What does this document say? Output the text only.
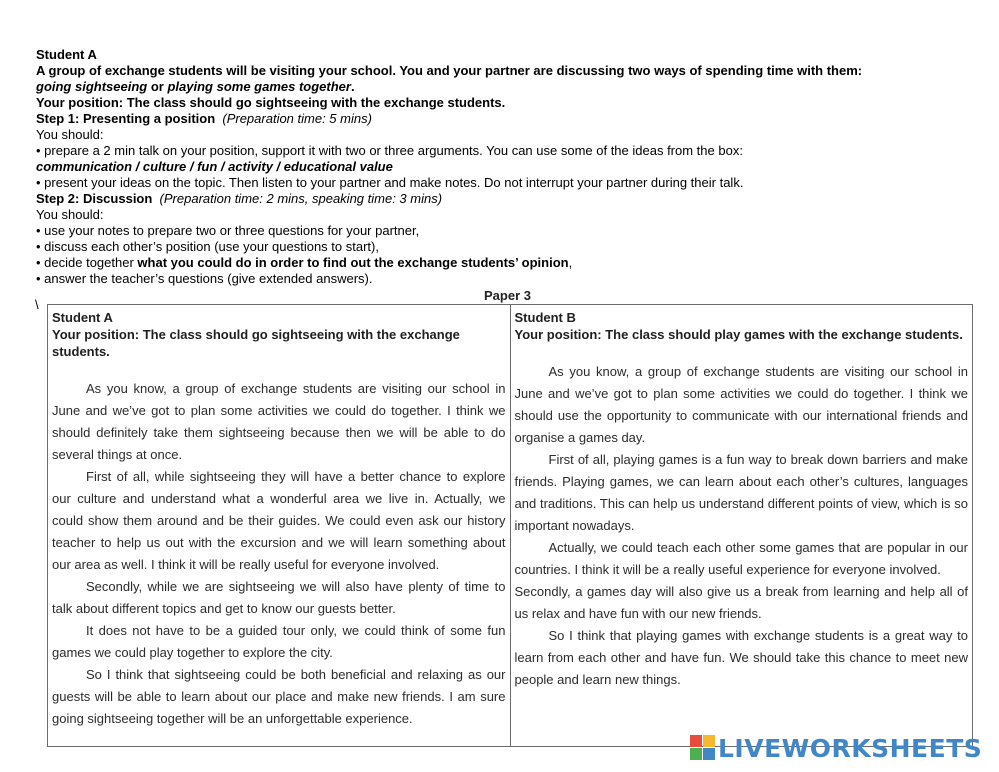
Student A

A group of exchange students will be visiting your school. You and your partner are discussing two ways of spending time with them:

going sightseeing or playing some games together.

Your position: The class should go sightseeing with the exchange students.

Step 1: Presenting a position (Preparation time: 5 mins)

You should:

• prepare a 2 min talk on your position, support it with two or three arguments. You can use some of the ideas from the box:

communication / culture / fun / activity / educational value

• present your ideas on the topic. Then listen to your partner and make notes. Do not interrupt your partner during their talk.

Step 2: Discussion (Preparation time: 2 mins, speaking time: 3 mins)

You should:

• use your notes to prepare two or three questions for your partner,

• discuss each other’s position (use your questions to start),

• decide together what you could do in order to find out the exchange students’ opinion,

• answer the teacher’s questions (give extended answers).

\
Paper 3
Student A
Your position: The class should go sightseeing with the exchange students.

As you know, a group of exchange students are visiting our school in June and we’ve got to plan some activities we could do together. I think we should definitely take them sightseeing because then we will be able to do several things at once.

First of all, while sightseeing they will have a better chance to explore our culture and understand what a wonderful area we live in. Actually, we could show them around and be their guides. We could even ask our history teacher to help us out with the excursion and we will learn something about our area as well. I think it will be really useful for everyone involved.

Secondly, while we are sightseeing we will also have plenty of time to talk about different topics and get to know our guests better.

It does not have to be a guided tour only, we could think of some fun games we could play together to explore the city.

So I think that sightseeing could be both beneficial and relaxing as our guests will be able to learn about our place and make new friends. I am sure going sightseeing together will be an unforgettable experience.

Student B
Your position: The class should play games with the exchange students.

As you know, a group of exchange students are visiting our school in June and we’ve got to plan some activities we could do together. I think we should use the opportunity to communicate with our international friends and organise a games day.

First of all, playing games is a fun way to break down barriers and make friends. Playing games, we can learn about each other’s cultures, languages and traditions. This can help us understand different points of view, which is so important nowadays.

Actually, we could teach each other some games that are popular in our countries. I think it will be a really useful experience for everyone involved.

Secondly, a games day will also give us a break from learning and help all of us relax and have fun with our new friends.

So I think that playing games with exchange students is a great way to learn from each other and have fun. We should take this chance to meet new people and learn new things.

LIVEWORKSHEETS
